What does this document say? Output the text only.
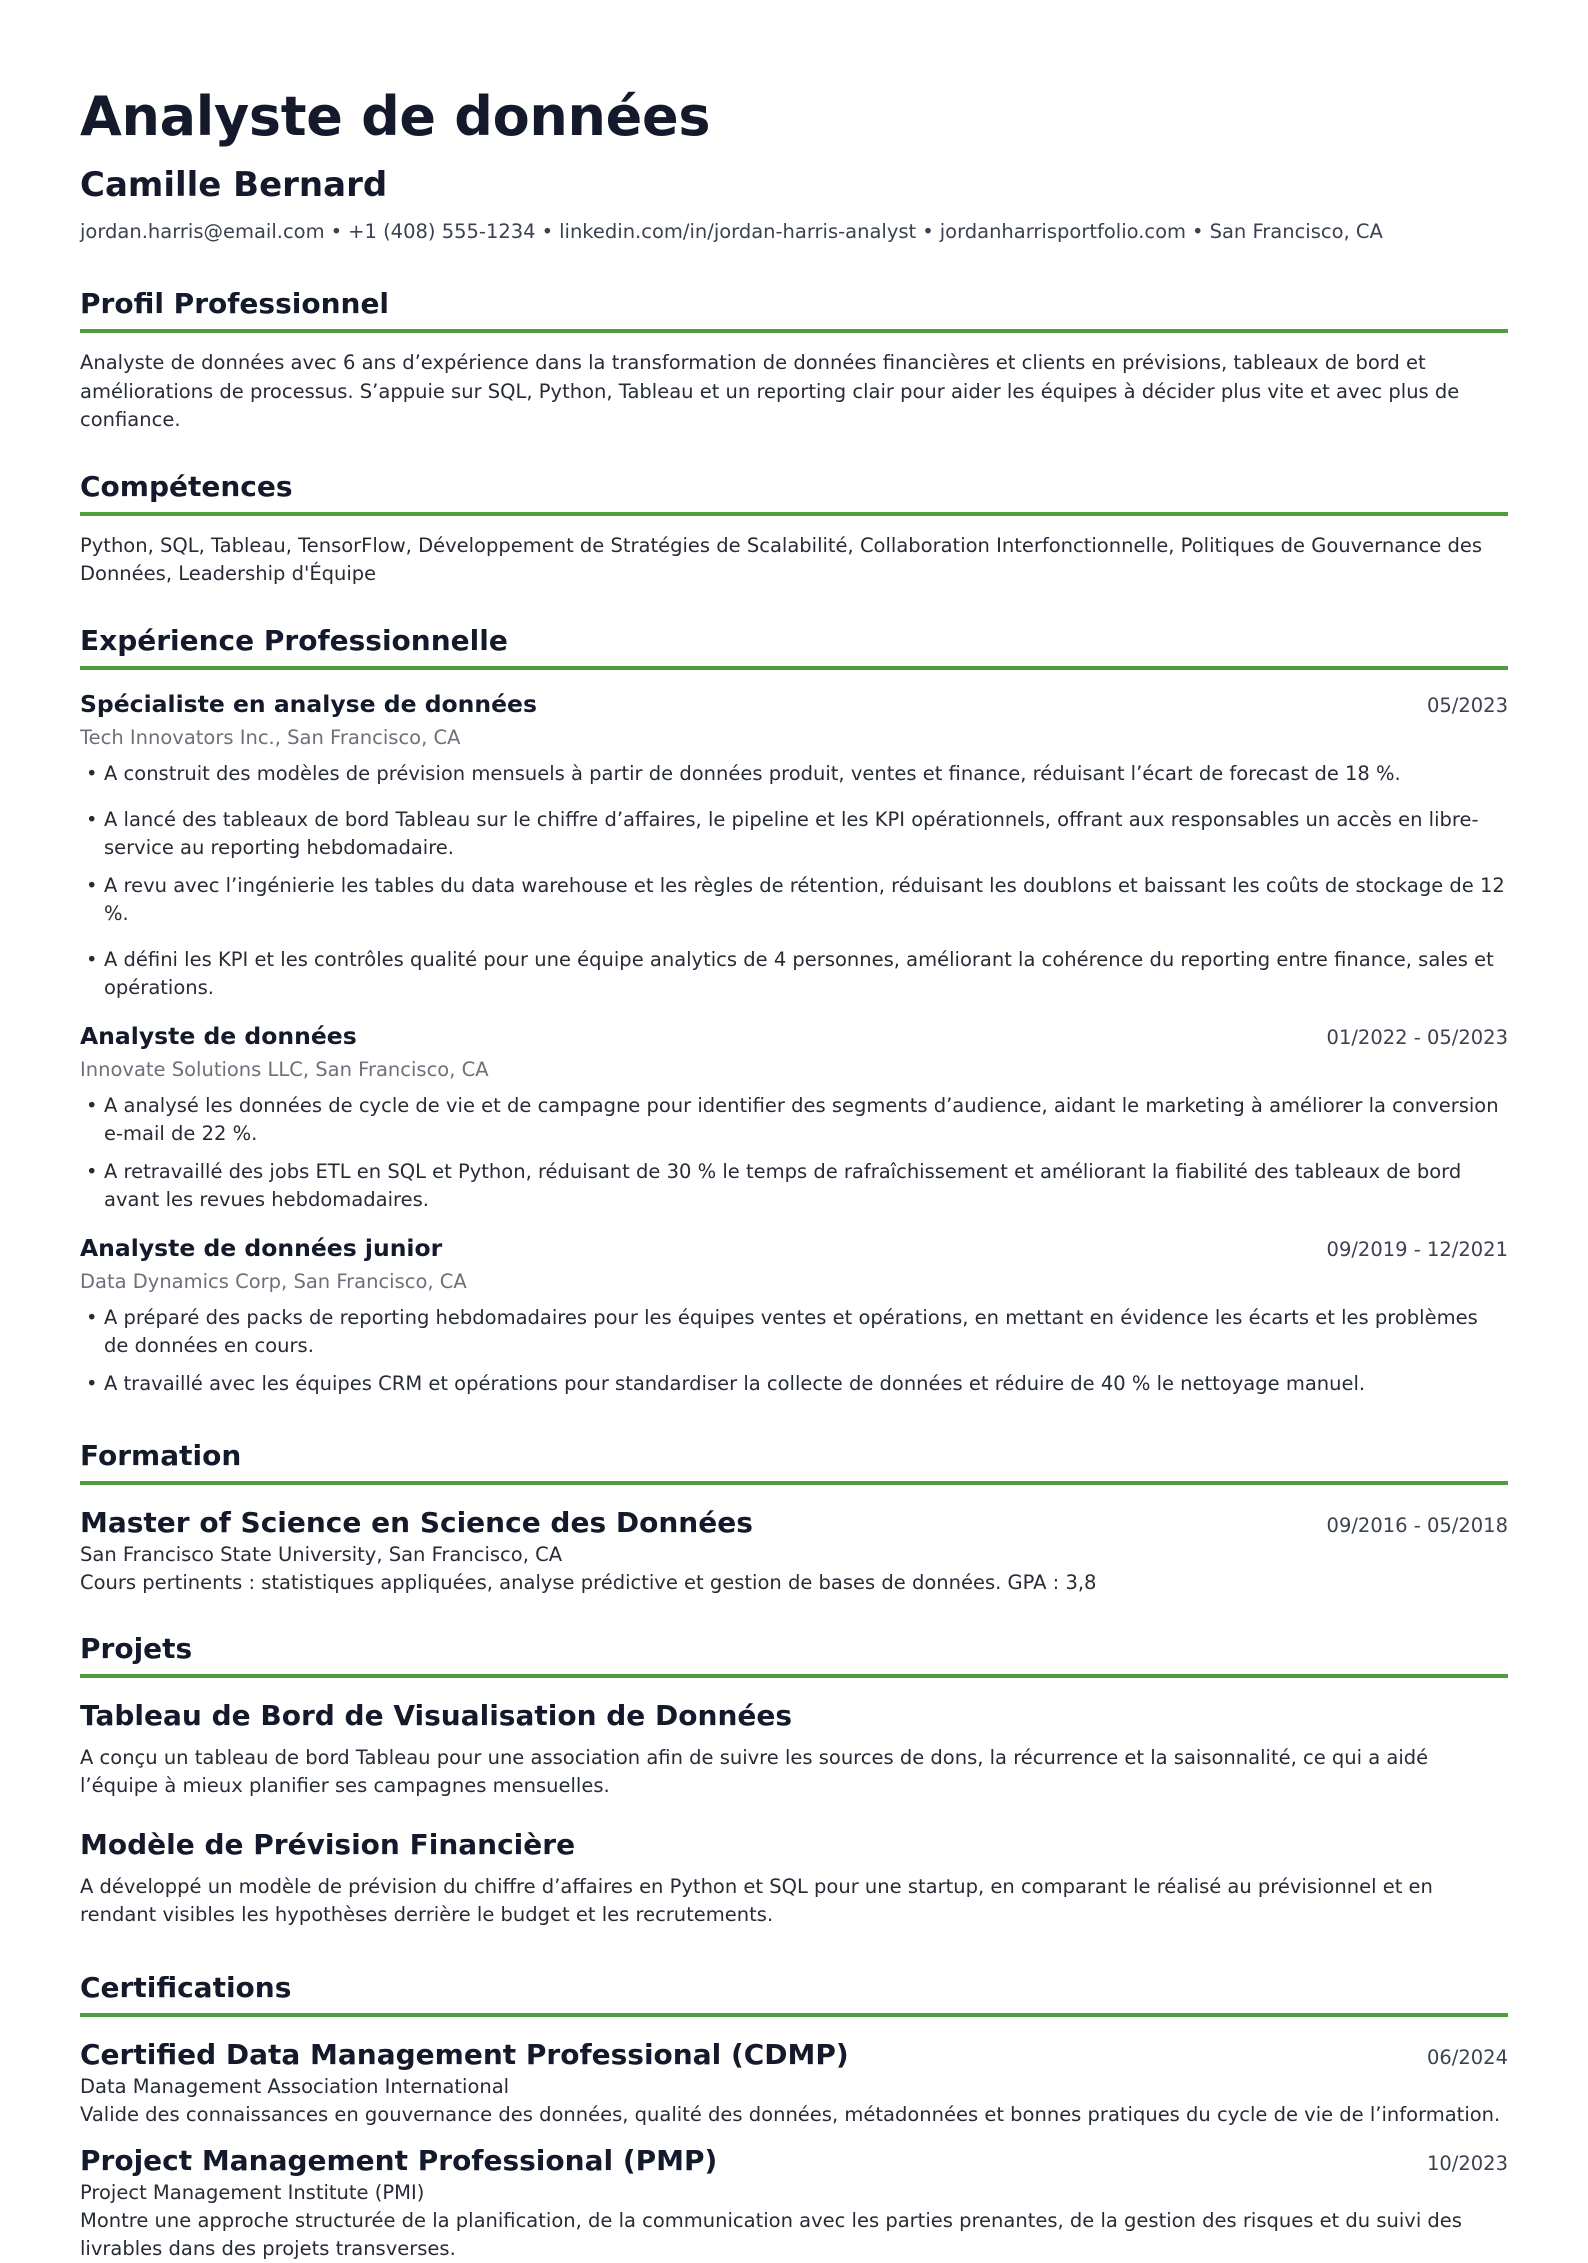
Analyste de données
Camille Bernard
jordan.harris@email.com • +1 (408) 555-1234 • linkedin.com/in/jordan-harris-analyst • jordanharrisportfolio.com • San Francisco, CA
Profil Professionnel
Analyste de données avec 6 ans d’expérience dans la transformation de données financières et clients en prévisions, tableaux de bord et améliorations de processus. S’appuie sur SQL, Python, Tableau et un reporting clair pour aider les équipes à décider plus vite et avec plus de confiance.
Compétences
Python, SQL, Tableau, TensorFlow, Développement de Stratégies de Scalabilité, Collaboration Interfonctionnelle, Politiques de Gouvernance des Données, Leadership d'Équipe
Expérience Professionnelle
Spécialiste en analyse de données	05/2023
Tech Innovators Inc., San Francisco, CA
• A construit des modèles de prévision mensuels à partir de données produit, ventes et finance, réduisant l’écart de forecast de 18 %.
• A lancé des tableaux de bord Tableau sur le chiffre d’affaires, le pipeline et les KPI opérationnels, offrant aux responsables un accès en libre-service au reporting hebdomadaire.
• A revu avec l’ingénierie les tables du data warehouse et les règles de rétention, réduisant les doublons et baissant les coûts de stockage de 12 %.
• A défini les KPI et les contrôles qualité pour une équipe analytics de 4 personnes, améliorant la cohérence du reporting entre finance, sales et opérations.
Analyste de données	01/2022 - 05/2023
Innovate Solutions LLC, San Francisco, CA
• A analysé les données de cycle de vie et de campagne pour identifier des segments d’audience, aidant le marketing à améliorer la conversion e-mail de 22 %.
• A retravaillé des jobs ETL en SQL et Python, réduisant de 30 % le temps de rafraîchissement et améliorant la fiabilité des tableaux de bord avant les revues hebdomadaires.
Analyste de données junior	09/2019 - 12/2021
Data Dynamics Corp, San Francisco, CA
• A préparé des packs de reporting hebdomadaires pour les équipes ventes et opérations, en mettant en évidence les écarts et les problèmes de données en cours.
• A travaillé avec les équipes CRM et opérations pour standardiser la collecte de données et réduire de 40 % le nettoyage manuel.
Formation
Master of Science en Science des Données	09/2016 - 05/2018
San Francisco State University, San Francisco, CA
Cours pertinents : statistiques appliquées, analyse prédictive et gestion de bases de données. GPA : 3,8
Projets
Tableau de Bord de Visualisation de Données
A conçu un tableau de bord Tableau pour une association afin de suivre les sources de dons, la récurrence et la saisonnalité, ce qui a aidé l’équipe à mieux planifier ses campagnes mensuelles.
Modèle de Prévision Financière
A développé un modèle de prévision du chiffre d’affaires en Python et SQL pour une startup, en comparant le réalisé au prévisionnel et en rendant visibles les hypothèses derrière le budget et les recrutements.
Certifications
Certified Data Management Professional (CDMP)	06/2024
Data Management Association International
Valide des connaissances en gouvernance des données, qualité des données, métadonnées et bonnes pratiques du cycle de vie de l’information.
Project Management Professional (PMP)	10/2023
Project Management Institute (PMI)
Montre une approche structurée de la planification, de la communication avec les parties prenantes, de la gestion des risques et du suivi des livrables dans des projets transverses.
